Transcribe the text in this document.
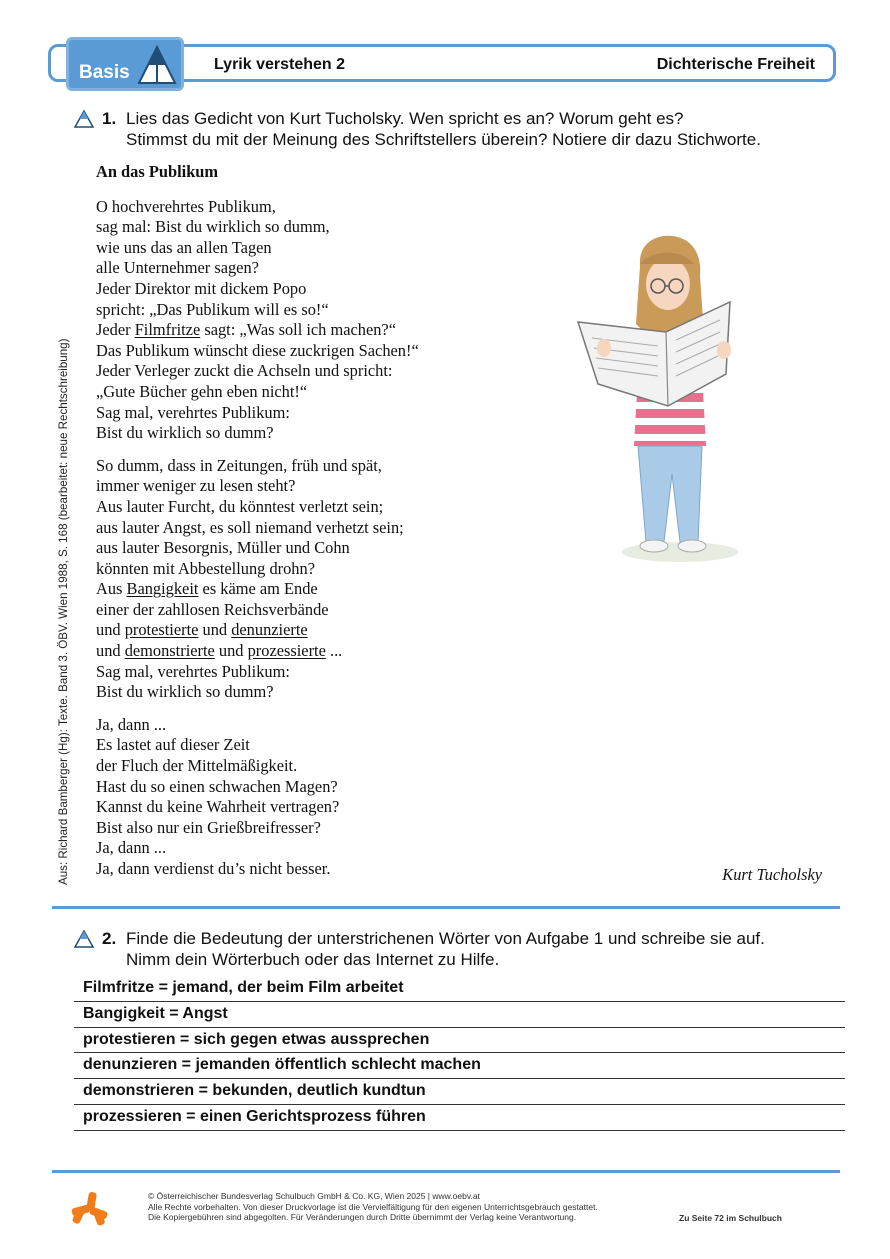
Basis	Lyrik verstehen 2	Dichterische Freiheit
1. Lies das Gedicht von Kurt Tucholsky. Wen spricht es an? Worum geht es?
Stimmst du mit der Meinung des Schriftstellers überein? Notiere dir dazu Stichworte.
An das Publikum
O hochverehrtes Publikum,
sag mal: Bist du wirklich so dumm,
wie uns das an allen Tagen
alle Unternehmer sagen?
Jeder Direktor mit dickem Popo
spricht: „Das Publikum will es so!“
Jeder Filmfritze sagt: „Was soll ich machen?“
Das Publikum wünscht diese zuckrigen Sachen!“
Jeder Verleger zuckt die Achseln und spricht:
„Gute Bücher gehn eben nicht!“
Sag mal, verehrtes Publikum:
Bist du wirklich so dumm?
So dumm, dass in Zeitungen, früh und spät,
immer weniger zu lesen steht?
Aus lauter Furcht, du könntest verletzt sein;
aus lauter Angst, es soll niemand verhetzt sein;
aus lauter Besorgnis, Müller und Cohn
könnten mit Abbestellung drohn?
Aus Bangigkeit es käme am Ende
einer der zahllosen Reichsverbände
und protestierte und denunzierte
und demonstrierte und prozessierte ...
Sag mal, verehrtes Publikum:
Bist du wirklich so dumm?
Ja, dann ...
Es lastet auf dieser Zeit
der Fluch der Mittelmäßigkeit.
Hast du so einen schwachen Magen?
Kannst du keine Wahrheit vertragen?
Bist also nur ein Grießbreifresser?
Ja, dann ...
Ja, dann verdienst du’s nicht besser.	Kurt Tucholsky
Aus: Richard Bamberger (Hg): Texte. Band 3. ÖBV. Wien 1988, S. 168 (bearbeitet: neue Rechtschreibung)
2. Finde die Bedeutung der unterstrichenen Wörter von Aufgabe 1 und schreibe sie auf.
Nimm dein Wörterbuch oder das Internet zu Hilfe.
Filmfritze = jemand, der beim Film arbeitet
Bangigkeit = Angst
protestieren = sich gegen etwas aussprechen
denunzieren = jemanden öffentlich schlecht machen
demonstrieren = bekunden, deutlich kundtun
prozessieren = einen Gerichtsprozess führen
© Österreichischer Bundesverlag Schulbuch GmbH & Co. KG, Wien 2025 | www.oebv.at
Alle Rechte vorbehalten. Von dieser Druckvorlage ist die Vervielfältigung für den eigenen Unterrichtsgebrauch gestattet.
Die Kopiergebühren sind abgegolten. Für Veränderungen durch Dritte übernimmt der Verlag keine Verantwortung.	Zu Seite 72 im Schulbuch
